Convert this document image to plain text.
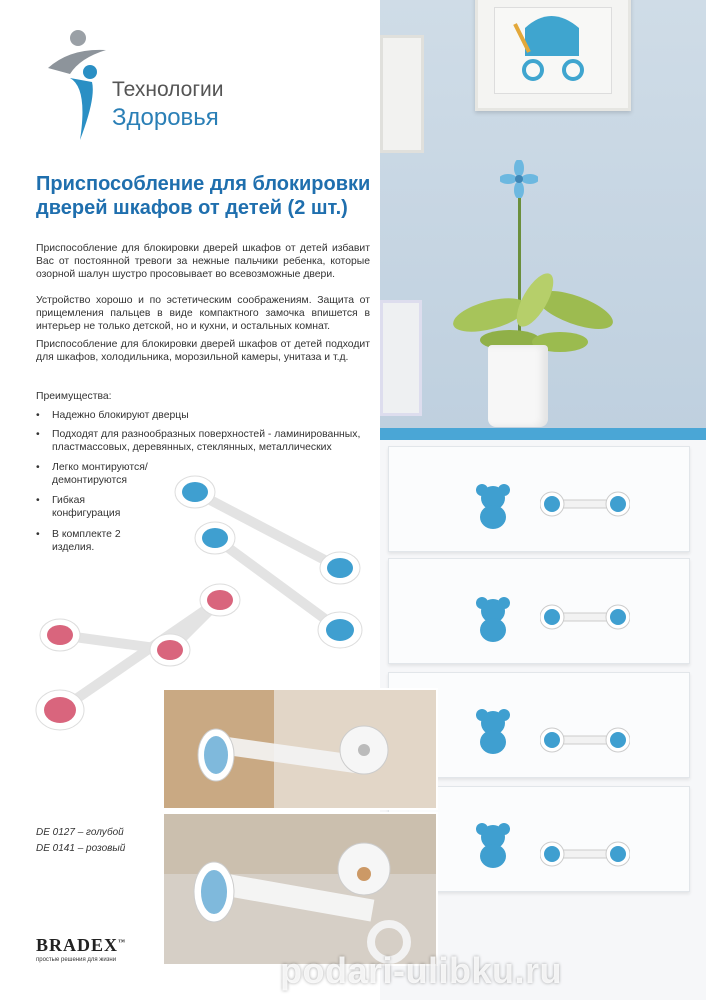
Технологии
Здоровья
Приспособление для блокировки
дверей шкафов от детей (2 шт.)

Приспособление для блокировки дверей шкафов от детей избавит Вас от постоянной тревоги за нежные пальчики ребенка, которые озорной шалун шустро просовывает во всевозможные двери.

Устройство хорошо и по эстетическим соображениям. Защита от прищемления пальцев в виде компактного замочка впишется в интерьер не только детской, но и кухни, и остальных комнат.

Приспособление для блокировки дверей шкафов от детей подходит для шкафов, холодильника, морозильной камеры, унитаза и т.д.

Преимущества:
• Надежно блокируют дверцы
• Подходят для разнообразных поверхностей - ламинированных, пластмассовых, деревянных, стеклянных, металлических
• Легко монтируются/ демонтируются
• Гибкая конфигурация
• В комплекте 2 изделия.
DE 0127 – голубой
DE 0141 – розовый
BRADEX™
простые решения для жизни	podari-ulibku.ru
